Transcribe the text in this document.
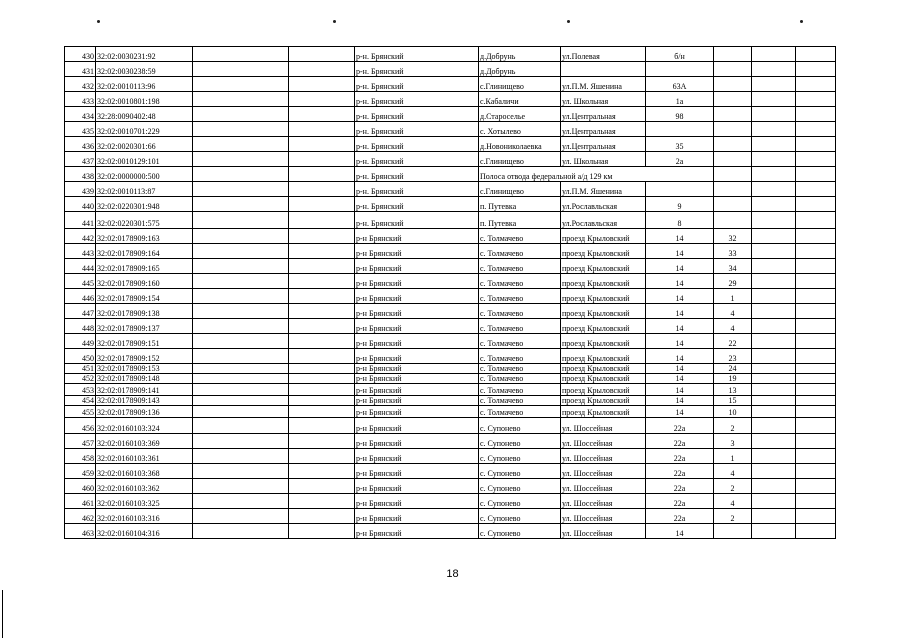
430	32:02:0030231:92			р-н. Брянский	д.Добрунь	ул.Полевая	б/н			
431	32:02:0030238:59			р-н. Брянский	д.Добрунь					
432	32:02:0010113:96			р-н. Брянский	с.Глинищево	ул.П.М. Яшенина	63А			
433	32:02:0010801:198			р-н. Брянский	с.Кабаличи	ул. Школьная	1а			
434	32:28:0090402:48			р-н. Брянский	д.Староселье	ул.Центральная	98			
435	32:02:0010701:229			р-н. Брянский	с. Хотылево	ул.Центральная				
436	32:02:0020301:66			р-н. Брянский	д.Новониколаевка	ул.Центральная	35			
437	32:02:0010129:101			р-н. Брянский	с.Глинищево	ул. Школьная	2а			
438	32:02:0000000:500			р-н. Брянский	Полоса отвода федеральной а/д 129 км					
439	32:02:0010113:87			р-н. Брянский	с.Глинищево	ул.П.М. Яшенина				
440	32:02:0220301:948			р-н. Брянский	п. Путевка	ул.Рославльская	9			
441	32:02:0220301:575			р-н. Брянский	п. Путевка	ул.Рославльская	8			
442	32:02:0178909:163			р-н Брянский	с. Толмачево	проезд Крыловский	14	32		
443	32:02:0178909:164			р-н Брянский	с. Толмачево	проезд Крыловский	14	33		
444	32:02:0178909:165			р-н Брянский	с. Толмачево	проезд Крыловский	14	34		
445	32:02:0178909:160			р-н Брянский	с. Толмачево	проезд Крыловский	14	29		
446	32:02:0178909:154			р-н Брянский	с. Толмачево	проезд Крыловский	14	1		
447	32:02:0178909:138			р-н Брянский	с. Толмачево	проезд Крыловский	14	4		
448	32:02:0178909:137			р-н Брянский	с. Толмачево	проезд Крыловский	14	4		
449	32:02:0178909:151			р-н Брянский	с. Толмачево	проезд Крыловский	14	22		
450	32:02:0178909:152			р-н Брянский	с. Толмачево	проезд Крыловский	14	23		
451	32:02:0178909:153			р-н Брянский	с. Толмачево	проезд Крыловский	14	24		
452	32:02:0178909:148			р-н Брянский	с. Толмачево	проезд Крыловский	14	19		
453	32:02:0178909:141			р-н Брянский	с. Толмачево	проезд Крыловский	14	13		
454	32:02:0178909:143			р-н Брянский	с. Толмачево	проезд Крыловский	14	15		
455	32:02:0178909:136			р-н Брянский	с. Толмачево	проезд Крыловский	14	10		
456	32:02:0160103:324			р-н Брянский	с. Супонево	ул. Шоссейная	22а	2		
457	32:02:0160103:369			р-н Брянский	с. Супонево	ул. Шоссейная	22а	3		
458	32:02:0160103:361			р-н Брянский	с. Супонево	ул. Шоссейная	22а	1		
459	32:02:0160103:368			р-н Брянский	с. Супонево	ул. Шоссейная	22а	4		
460	32:02:0160103:362			р-н Брянский	с. Супонево	ул. Шоссейная	22а	2		
461	32:02:0160103:325			р-н Брянский	с. Супонево	ул. Шоссейная	22а	4		
462	32:02:0160103:316			р-н Брянский	с. Супонево	ул. Шоссейная	22а	2		
463	32:02:0160104:316			р-н Брянский	с. Супонево	ул. Шоссейная	14			
18
